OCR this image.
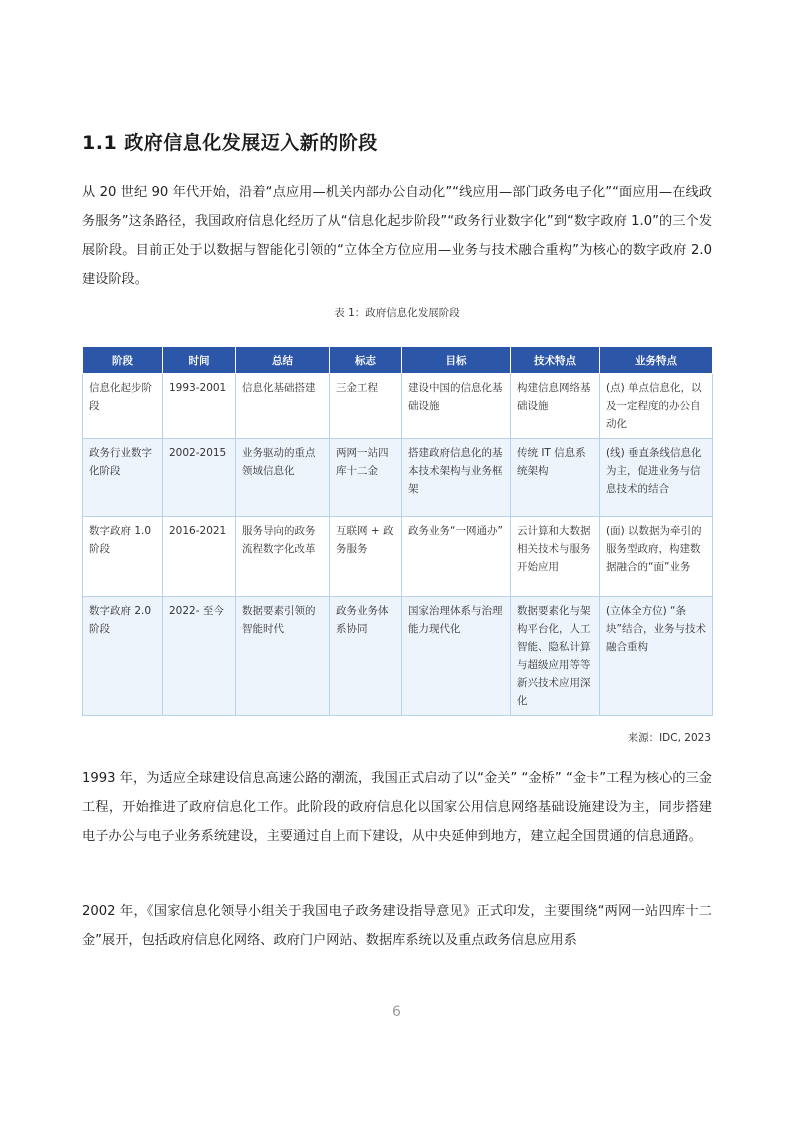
1.1 政府信息化发展迈入新的阶段

从 20 世纪 90 年代开始，沿着“点应用—机关内部办公自动化”“线应用—部门政务电子化”“面应用—在线政务服务”这条路径，我国政府信息化经历了从“信息化起步阶段”“政务行业数字化”到“数字政府 1.0”的三个发展阶段。目前正处于以数据与智能化引领的“立体全方位应用—业务与技术融合重构”为核心的数字政府 2.0 建设阶段。

表 1：政府信息化发展阶段
阶段	时间	总结	标志	目标	技术特点	业务特点
信息化起步阶段	1993-2001	信息化基础搭建	三金工程	建设中国的信息化基础设施	构建信息网络基础设施	(点) 单点信息化，以及一定程度的办公自动化
政务行业数字化阶段	2002-2015	业务驱动的重点领域信息化	两网一站四库十二金	搭建政府信息化的基本技术架构与业务框架	传统 IT 信息系统架构	(线) 垂直条线信息化为主，促进业务与信息技术的结合
数字政府 1.0 阶段	2016-2021	服务导向的政务流程数字化改革	互联网 + 政务服务	政务业务“一网通办”	云计算和大数据相关技术与服务开始应用	(面) 以数据为牵引的服务型政府，构建数据融合的“面”业务
数字政府 2.0 阶段	2022- 至今	数据要素引领的智能时代	政务业务体系协同	国家治理体系与治理能力现代化	数据要素化与架构平台化，人工智能、隐私计算与超级应用等等新兴技术应用深化	(立体全方位) “条块”结合，业务与技术融合重构
来源：IDC, 2023

1993 年，为适应全球建设信息高速公路的潮流，我国正式启动了以“金关” “金桥” “金卡”工程为核心的三金工程，开始推进了政府信息化工作。此阶段的政府信息化以国家公用信息网络基础设施建设为主，同步搭建电子办公与电子业务系统建设，主要通过自上而下建设，从中央延伸到地方，建立起全国贯通的信息通路。

2002 年，《国家信息化领导小组关于我国电子政务建设指导意见》正式印发，主要围绕“两网一站四库十二金”展开，包括政府信息化网络、政府门户网站、数据库系统以及重点政务信息应用系

6
